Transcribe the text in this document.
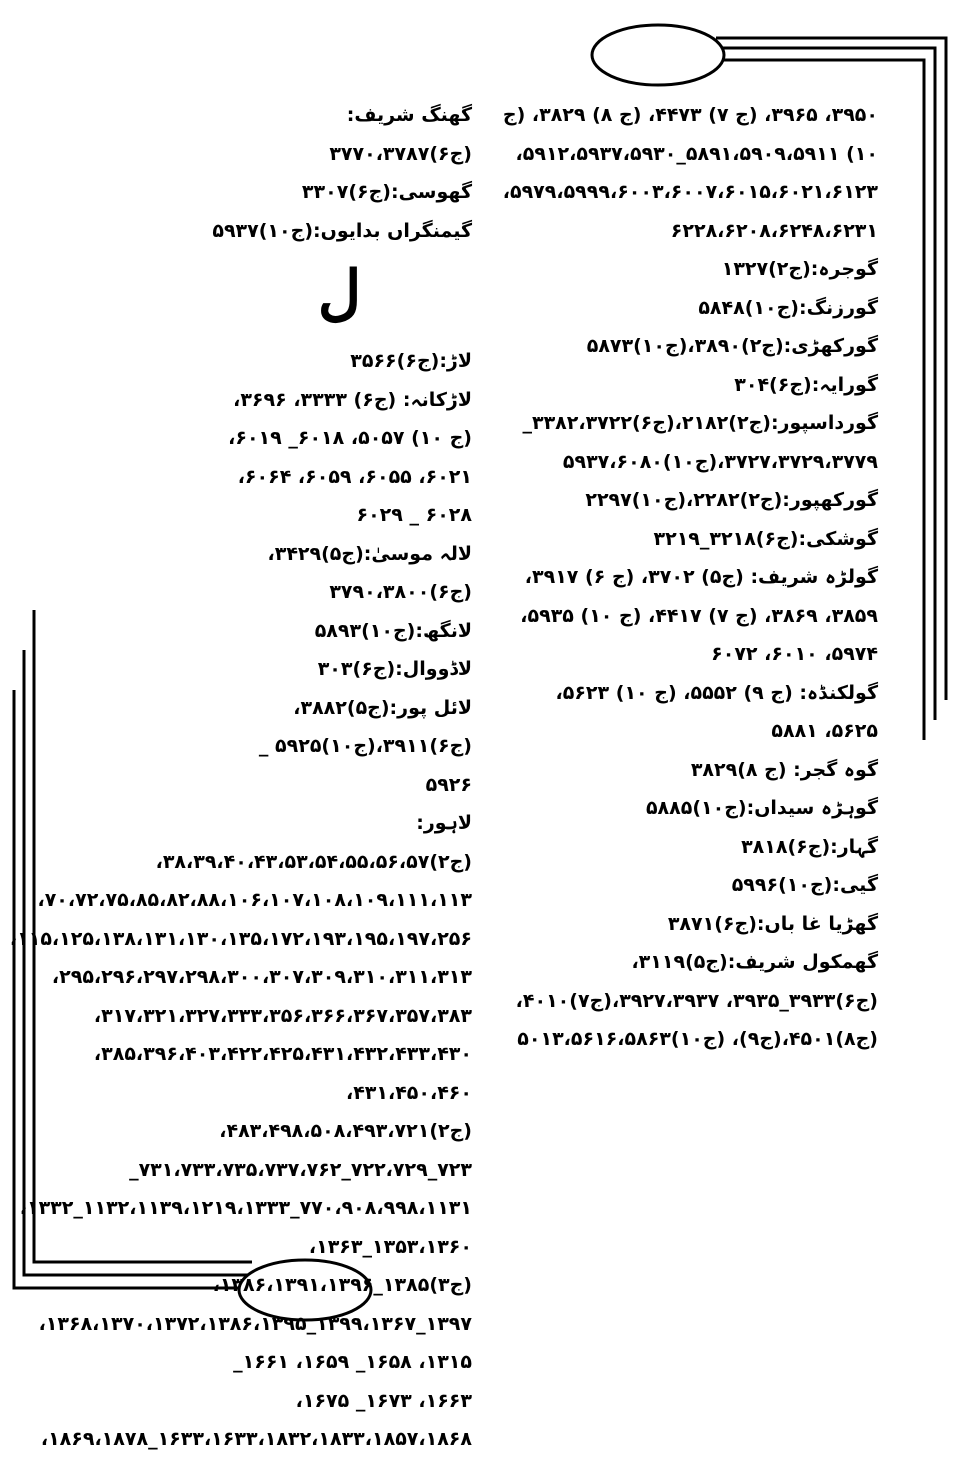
۳۹۵۰، ۳۹۶۵، (ج ۷) ۴۴۷۳، (ج ۸) ۳۸۲۹، (ج ۱۰) ۵۸۹۱،۵۹۰۹،۵۹۱۱_۵۹۱۲،۵۹۳۷،۵۹۳۰، ۵۹۷۹،۵۹۹۹،۶۰۰۳،۶۰۰۷،۶۰۱۵،۶۰۲۱،۶۱۲۳، ۶۲۲۸،۶۲۰۸،۶۲۴۸،۶۲۳۱
گوجرہ:(ج۲)۱۳۲۷
گورزنگ:(ج۱۰)۵۸۴۸
گورکھڑی:(ج۲)۳۸۹۰،(ج۱۰)۵۸۷۳
گورایہ:(ج۶)۳۰۴
گورداسپور:(ج۲)۲۱۸۲،(ج۶)۳۳۸۲،۳۷۲۲_ ۳۷۲۷،۳۷۲۹،۳۷۷۹،(ج۱۰)۵۹۳۷،۶۰۸۰
گورکھپور:(ج۲)۲۲۸۲،(ج۱۰)۲۲۹۷
گوشکی:(ج۶)۳۲۱۸_۳۲۱۹
گولڑہ شریف: (ج۵) ۳۷۰۲، (ج ۶) ۳۹۱۷، ۳۸۵۹، ۳۸۶۹، (ج ۷) ۴۴۱۷، (ج ۱۰) ۵۹۳۵، ۵۹۷۴، ۶۰۱۰، ۶۰۷۲
گولکنڈہ: (ج ۹) ۵۵۵۲، (ج ۱۰) ۵۶۲۳، ۵۶۲۵، ۵۸۸۱
گوہ گجر: (ج ۸)۳۸۲۹
گوہڑہ سیداں:(ج۱۰)۵۸۸۵
گہار:(ج۶)۳۸۱۸
گیی:(ج۱۰)۵۹۹۶
گھڑیا غا باں:(ج۶)۳۸۷۱
گھمکول شریف:(ج۵)۳۱۱۹،(ج۶)۳۹۳۳_۳۹۳۵، ۳۹۲۷،۳۹۳۷،(ج۷)۴۰۱۰،(ج۸)۴۵۰۱،(ج۹)، (ج۱۰)۵۰۱۳،۵۶۱۶،۵۸۶۳
گھنگ شریف:(ج۶)۳۷۷۰،۳۷۸۷
گھوسی:(ج۶)۳۳۰۷
گیمنگراں بدایوں:(ج۱۰)۵۹۳۷
ل
لاڑ:(ج۶)۳۵۶۶
لاڑکانہ: (ج۶) ۳۳۳۳، ۳۶۹۶، (ج ۱۰) ۵۰۵۷، ۶۰۱۸_ ۶۰۱۹، ۶۰۲۱، ۶۰۵۵، ۶۰۵۹، ۶۰۶۴، ۶۰۲۸ _ ۶۰۲۹
لالہ موسیٰ:(ج۵)۳۴۲۹،(ج۶)۳۷۹۰،۳۸۰۰
لانگھ:(ج۱۰)۵۸۹۳
لاڈووال:(ج۶)۳۰۳
لائل پور:(ج۵)۳۸۸۲،(ج۶)۳۹۱۱،(ج۱۰)۵۹۲۵ _ ۵۹۲۶
لاہور:(ج۲)۳۸،۳۹،۴۰،۴۳،۵۳،۵۴،۵۵،۵۶،۵۷، ۷۰،۷۲،۷۵،۸۵،۸۲،۸۸،۱۰۶،۱۰۷،۱۰۸،۱۰۹،۱۱۱،۱۱۳، ۱۱۵،۱۲۵،۱۳۸،۱۳۱،۱۳۰،۱۳۵،۱۷۲،۱۹۳،۱۹۵،۱۹۷،۲۵۶، ۲۹۵،۲۹۶،۲۹۷،۲۹۸،۳۰۰،۳۰۷،۳۰۹،۳۱۰،۳۱۱،۳۱۳، ۳۱۷،۳۲۱،۳۲۷،۳۳۳،۳۵۶،۳۶۶،۳۶۷،۳۵۷،۳۸۳، ۳۸۵،۳۹۶،۴۰۳،۴۲۲،۴۲۵،۴۳۱،۴۳۲،۴۳۳،۴۳۰، ۴۳۱،۴۵۰،۴۶۰،(ج۲)۴۸۳،۴۹۸،۵۰۸،۴۹۳،۷۲۱، ۷۲۳_۷۲۲،۷۲۹_۷۳۱،۷۳۳،۷۳۵،۷۳۷،۷۶۲_ ۷۷۰،۹۰۸،۹۹۸،۱۱۳۱_۱۱۳۲،۱۱۳۹،۱۲۱۹،۱۳۳۳_۱۳۳۲، ۱۳۵۳،۱۳۶۰_۱۳۶۳،(ج۳)۱۳۸۵_۱۳۸۶،۱۳۹۱،۱۳۹۶، ۱۳۹۷_۱۳۹۹،۱۳۶۷_۱۳۶۸،۱۳۷۰،۱۳۷۲،۱۳۸۶،۱۳۹۵، ۱۳۱۵، ۱۶۵۸_ ۱۶۵۹، ۱۶۶۱_ ۱۶۶۳، ۱۶۷۳_ ۱۶۷۵، ۱۶۳۳،۱۶۳۳،۱۸۳۲،۱۸۳۳،۱۸۵۷،۱۸۶۸_۱۸۶۹،۱۸۷۸،
